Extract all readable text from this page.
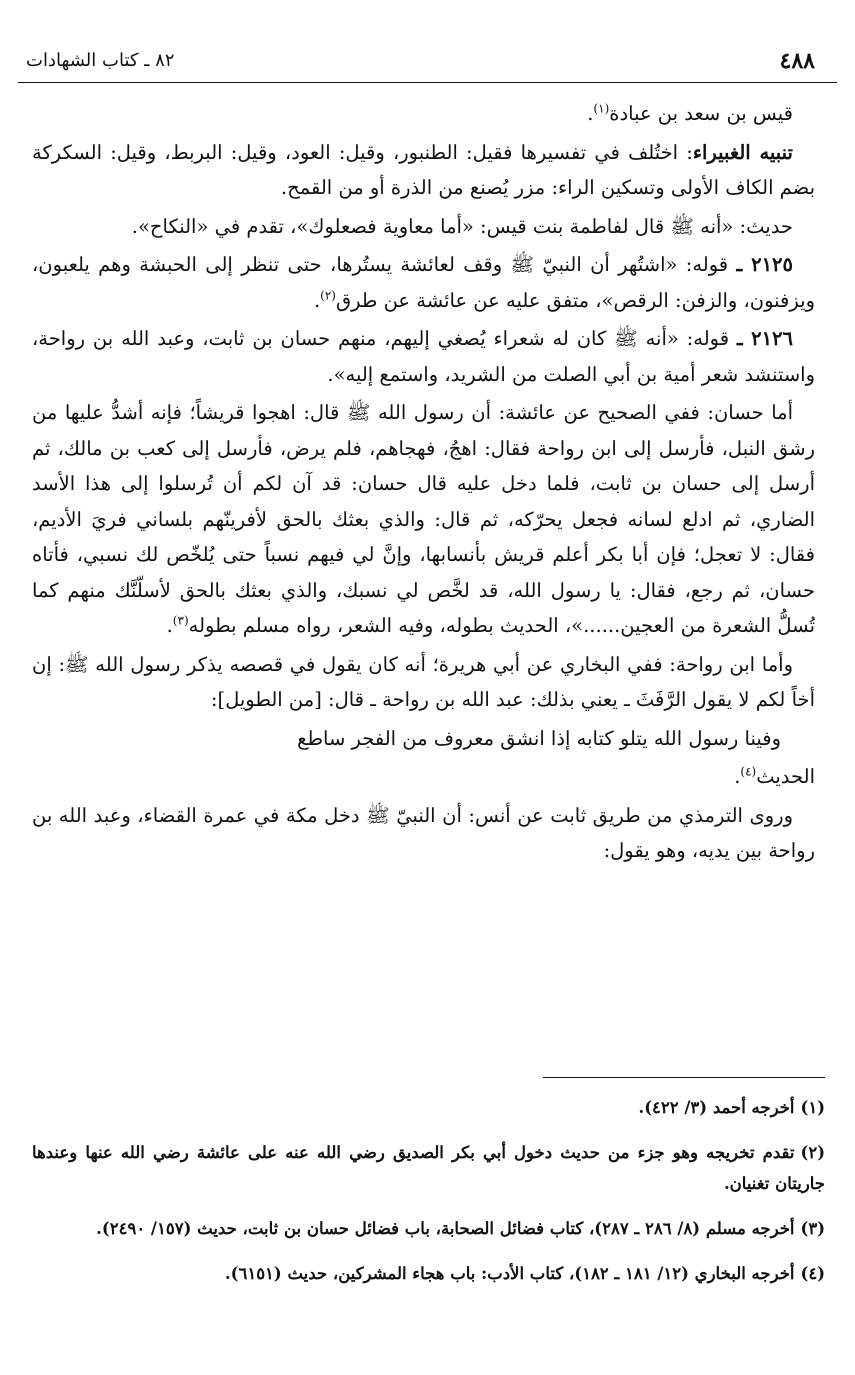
٤٨٨
٨٢ ـ كتاب الشهادات

قيس بن سعد بن عبادة$^{(١)}$.

تنبيه الغبيراء: اختُلف في تفسيرها فقيل: الطنبور، وقيل: العود، وقيل: البربط، وقيل: السكركة بضم الكاف الأولى وتسكين الراء: مزر يُصنع من الذرة أو من القمح.

حديث: «أنه ﷺ قال لفاطمة بنت قيس: «أما معاوية فصعلوك»، تقدم في «النكاح».

٢١٢٥ ـ قوله: «اشتُهر أن النبيّ ﷺ وقف لعائشة يستُرها، حتى تنظر إلى الحبشة وهم يلعبون، ويزفنون، والزفن: الرقص»، متفق عليه عن عائشة عن طرق$^{(٢)}$.

٢١٢٦ ـ قوله: «أنه ﷺ كان له شعراء يُصغي إليهم، منهم حسان بن ثابت، وعبد الله بن رواحة، واستنشد شعر أمية بن أبي الصلت من الشريد، واستمع إليه».

أما حسان: ففي الصحيح عن عائشة: أن رسول الله ﷺ قال: اهجوا قريشاً؛ فإنه أشدُّ عليها من رشق النبل، فأرسل إلى ابن رواحة فقال: اهجُ، فهجاهم، فلم يرض، فأرسل إلى كعب بن مالك، ثم أرسل إلى حسان بن ثابت، فلما دخل عليه قال حسان: قد آن لكم أن تُرسلوا إلى هذا الأسد الضاري، ثم ادلع لسانه فجعل يحرّكه، ثم قال: والذي بعثك بالحق لأفرينّهم بلساني فريَ الأديم، فقال: لا تعجل؛ فإن أبا بكر أعلم قريش بأنسابها، وإنَّ لي فيهم نسباً حتى يُلخّص لك نسبي، فأتاه حسان، ثم رجع، فقال: يا رسول الله، قد لخَّص لي نسبك، والذي بعثك بالحق لأسلّنَّك منهم كما تُسلُّ الشعرة من العجين......»، الحديث بطوله، وفيه الشعر، رواه مسلم بطوله$^{(٣)}$.

وأما ابن رواحة: ففي البخاري عن أبي هريرة؛ أنه كان يقول في قصصه يذكر رسول الله ﷺ: إن أخاً لكم لا يقول الرَّفَثَ ـ يعني بذلك: عبد الله بن رواحة ـ قال: [من الطويل]:

وفينا رسول الله يتلو كتابه إذا انشق معروف من الفجر ساطع

الحديث$^{(٤)}$.

وروى الترمذي من طريق ثابت عن أنس: أن النبيّ ﷺ دخل مكة في عمرة القضاء، وعبد الله بن رواحة بين يديه، وهو يقول:

(١)أخرجه أحمد (٣/ ٤٢٢).
(٢)تقدم تخريجه وهو جزء من حديث دخول أبي بكر الصديق رضي الله عنه على عائشة رضي الله عنها وعندها جاريتان تغنيان.
(٣)أخرجه مسلم (٨/ ٢٨٦ ـ ٢٨٧)، كتاب فضائل الصحابة، باب فضائل حسان بن ثابت، حديث (١٥٧/ ٢٤٩٠).
(٤)أخرجه البخاري (١٢/ ١٨١ ـ ١٨٢)، كتاب الأدب: باب هجاء المشركين، حديث (٦١٥١).
